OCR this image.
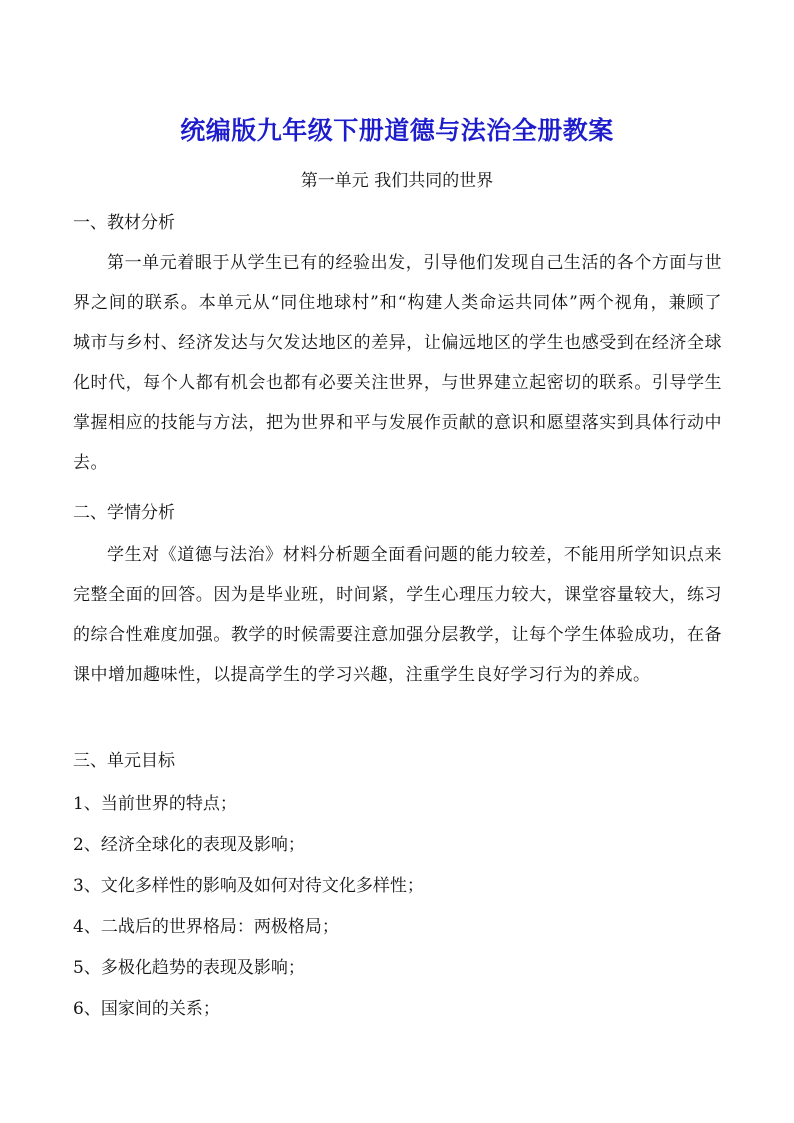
统编版九年级下册道德与法治全册教案
第一单元 我们共同的世界
一、教材分析
第一单元着眼于从学生已有的经验出发，引导他们发现自己生活的各个方面与世界之间的联系。本单元从“同住地球村”和“构建人类命运共同体”两个视角，兼顾了城市与乡村、经济发达与欠发达地区的差异，让偏远地区的学生也感受到在经济全球化时代，每个人都有机会也都有必要关注世界，与世界建立起密切的联系。引导学生掌握相应的技能与方法，把为世界和平与发展作贡献的意识和愿望落实到具体行动中去。
二、学情分析
学生对《道德与法治》材料分析题全面看问题的能力较差，不能用所学知识点来完整全面的回答。因为是毕业班，时间紧，学生心理压力较大，课堂容量较大，练习的综合性难度加强。教学的时候需要注意加强分层教学，让每个学生体验成功，在备课中增加趣味性，以提高学生的学习兴趣，注重学生良好学习行为的养成。
三、单元目标
1、当前世界的特点；
2、经济全球化的表现及影响；
3、文化多样性的影响及如何对待文化多样性；
4、二战后的世界格局：两极格局；
5、多极化趋势的表现及影响；
6、国家间的关系；
